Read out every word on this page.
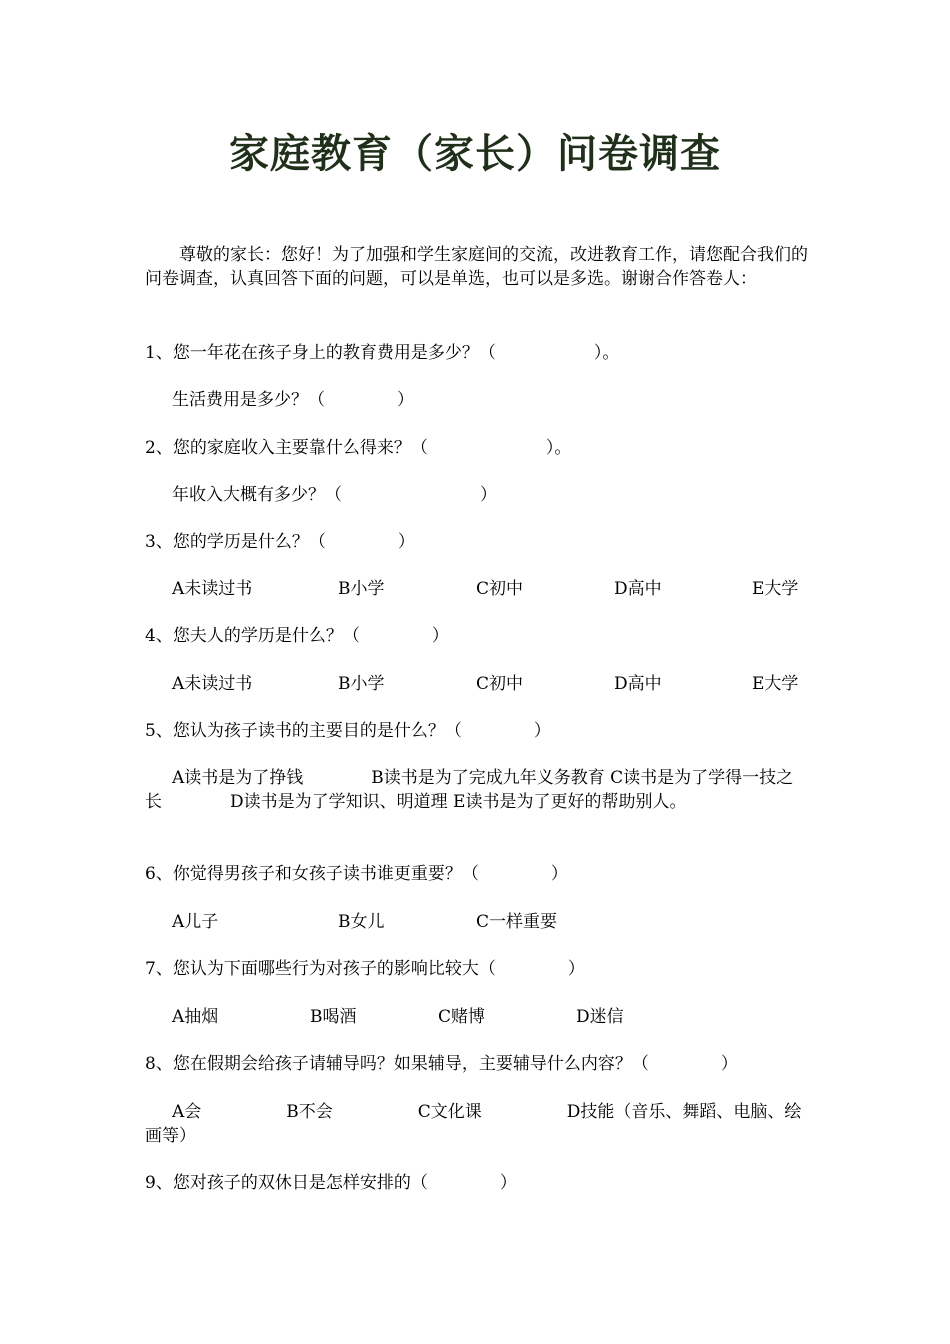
家庭教育（家长）问卷调查
尊敬的家长：您好！为了加强和学生家庭间的交流，改进教育工作，请您配合我们的问卷调查，认真回答下面的问题，可以是单选，也可以是多选。谢谢合作答卷人：
1、您一年花在孩子身上的教育费用是多少？（	）。
生活费用是多少？（	）
2、您的家庭收入主要靠什么得来？（	）。
年收入大概有多少？（	）
3、您的学历是什么？（	）
A未读过书	B小学	C初中	D高中	E大学
4、您夫人的学历是什么？（	）
A未读过书	B小学	C初中	D高中	E大学
5、您认为孩子读书的主要目的是什么？（	）
A读书是为了挣钱　　　　B读书是为了完成九年义务教育 C读书是为了学得一技之长　　　　D读书是为了学知识、明道理 E读书是为了更好的帮助别人。
6、你觉得男孩子和女孩子读书谁更重要？（	）
A儿子	B女儿	C一样重要
7、您认为下面哪些行为对孩子的影响比较大（	）
A抽烟	B喝酒	C赌博	D迷信
8、您在假期会给孩子请辅导吗？如果辅导，主要辅导什么内容？（	）
A会　　　　　B不会　　　　　C文化课　　　　　D技能（音乐、舞蹈、电脑、绘画等）
9、您对孩子的双休日是怎样安排的（	）
